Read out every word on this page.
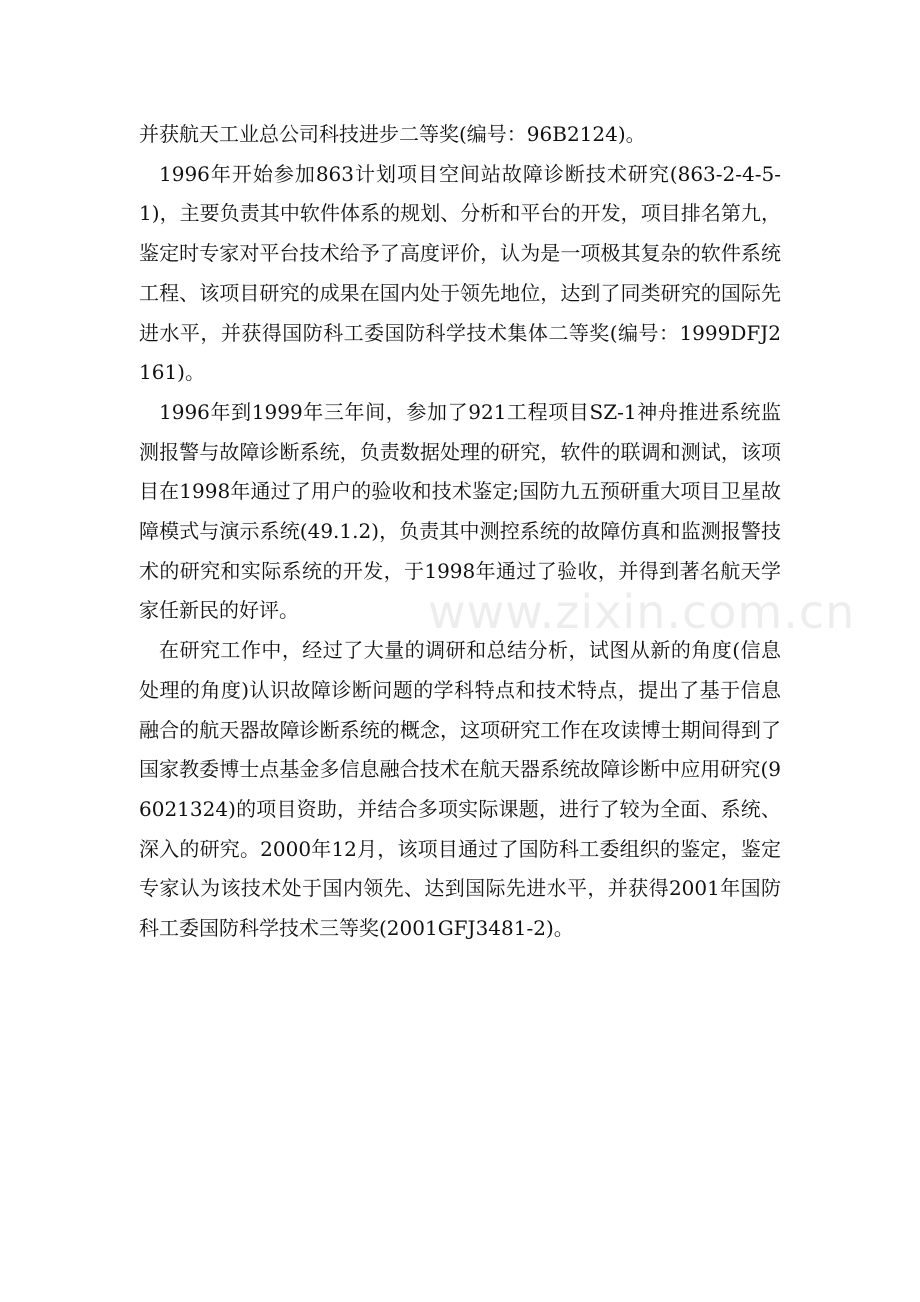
并获航天工业总公司科技进步二等奖(编号：96B2124)。

1996年开始参加863计划项目空间站故障诊断技术研究(863-2-4-5-1)，主要负责其中软件体系的规划、分析和平台的开发，项目排名第九，鉴定时专家对平台技术给予了高度评价，认为是一项极其复杂的软件系统工程、该项目研究的成果在国内处于领先地位，达到了同类研究的国际先进水平，并获得国防科工委国防科学技术集体二等奖(编号：1999DFJ2161)。

1996年到1999年三年间，参加了921工程项目SZ-1神舟推进系统监测报警与故障诊断系统，负责数据处理的研究，软件的联调和测试，该项目在1998年通过了用户的验收和技术鉴定;国防九五预研重大项目卫星故障模式与演示系统(49.1.2)，负责其中测控系统的故障仿真和监测报警技术的研究和实际系统的开发，于1998年通过了验收，并得到著名航天学家任新民的好评。

在研究工作中，经过了大量的调研和总结分析，试图从新的角度(信息处理的角度)认识故障诊断问题的学科特点和技术特点，提出了基于信息融合的航天器故障诊断系统的概念，这项研究工作在攻读博士期间得到了国家教委博士点基金多信息融合技术在航天器系统故障诊断中应用研究(96021324)的项目资助，并结合多项实际课题，进行了较为全面、系统、深入的研究。2000年12月，该项目通过了国防科工委组织的鉴定，鉴定专家认为该技术处于国内领先、达到国际先进水平，并获得2001年国防科工委国防科学技术三等奖(2001GFJ3481-2)。

www.zixin.com.cn
